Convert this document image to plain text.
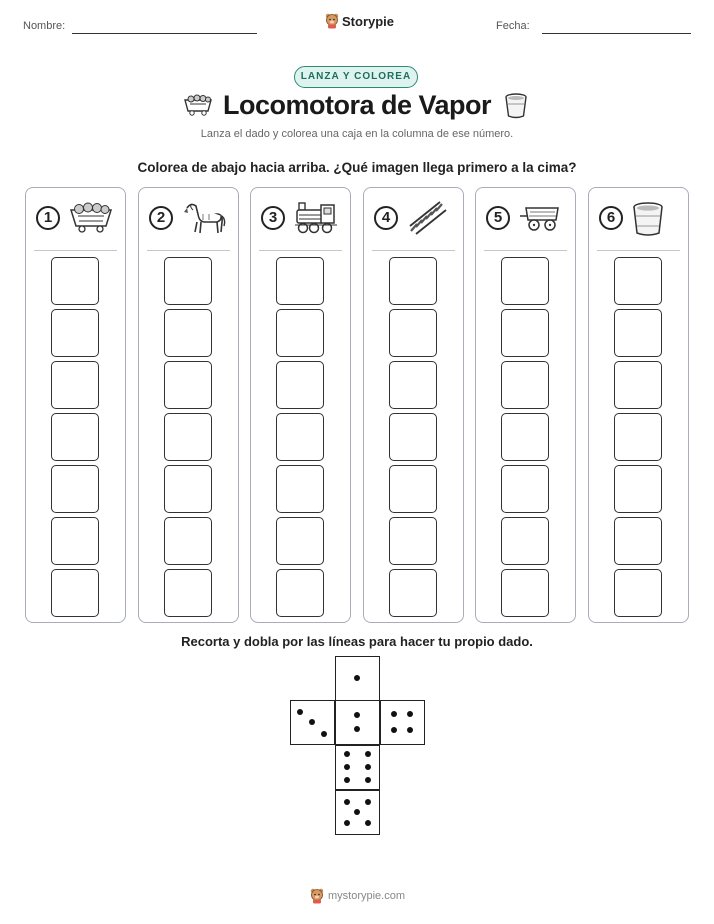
Nombre:	Storypie	Fecha:
LANZA Y COLOREA
Locomotora de Vapor
Lanza el dado y colorea una caja en la columna de ese número.
Colorea de abajo hacia arriba. ¿Qué imagen llega primero a la cima?
1	2	3	4	5	6
Recorta y dobla por las líneas para hacer tu propio dado.
mystorypie.com
